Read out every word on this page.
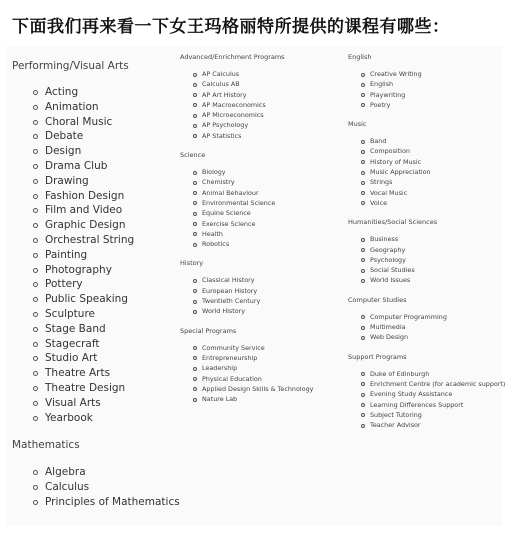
下面我们再来看一下女王玛格丽特所提供的课程有哪些：
Performing/Visual Arts
Acting
Animation
Choral Music
Debate
Design
Drama Club
Drawing
Fashion Design
Film and Video
Graphic Design
Orchestral String
Painting
Photography
Pottery
Public Speaking
Sculpture
Stage Band
Stagecraft
Studio Art
Theatre Arts
Theatre Design
Visual Arts
Yearbook
Mathematics
Algebra
Calculus
Principles of Mathematics
Advanced/Enrichment Programs
AP Calculus
Calculus AB
AP Art History
AP Macroeconomics
AP Microeconomics
AP Psychology
AP Statistics
Science
Biology
Chemistry
Animal Behaviour
Environmental Science
Equine Science
Exercise Science
Health
Robotics
History
Classical History
European History
Twentieth Century
World History
Special Programs
Community Service
Entrepreneurship
Leadership
Physical Education
Applied Design Skills & Technology
Nature Lab
English
Creative Writing
English
Playwriting
Poetry
Music
Band
Composition
History of Music
Music Appreciation
Strings
Vocal Music
Voice
Humanities/Social Sciences
Business
Geography
Psychology
Social Studies
World Issues
Computer Studies
Computer Programming
Multimedia
Web Design
Support Programs
Duke of Edinburgh
Enrichment Centre (for academic support)
Evening Study Assistance
Learning Differences Support
Subject Tutoring
Teacher Advisor
